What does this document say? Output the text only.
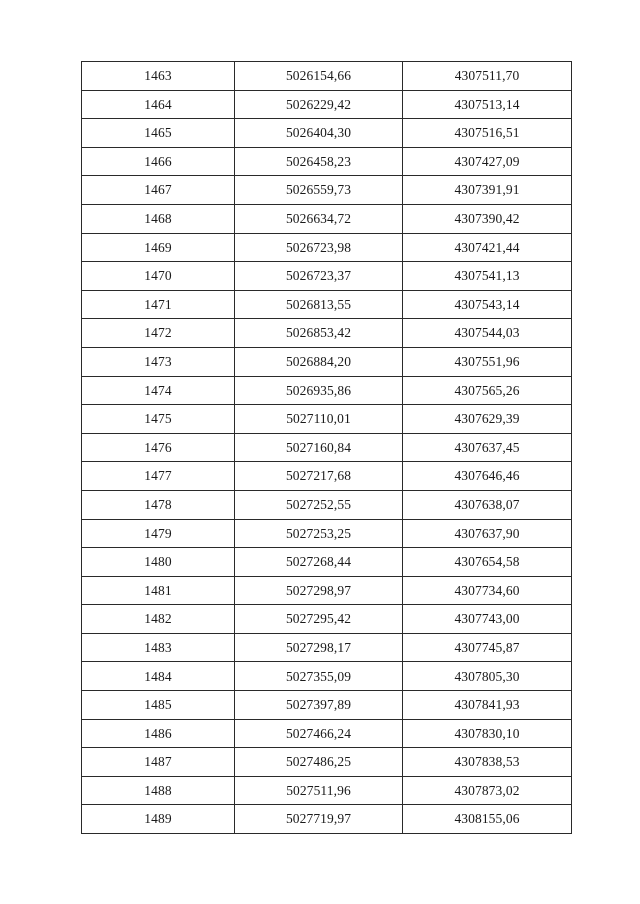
1463	5026154,66	4307511,70
1464	5026229,42	4307513,14
1465	5026404,30	4307516,51
1466	5026458,23	4307427,09
1467	5026559,73	4307391,91
1468	5026634,72	4307390,42
1469	5026723,98	4307421,44
1470	5026723,37	4307541,13
1471	5026813,55	4307543,14
1472	5026853,42	4307544,03
1473	5026884,20	4307551,96
1474	5026935,86	4307565,26
1475	5027110,01	4307629,39
1476	5027160,84	4307637,45
1477	5027217,68	4307646,46
1478	5027252,55	4307638,07
1479	5027253,25	4307637,90
1480	5027268,44	4307654,58
1481	5027298,97	4307734,60
1482	5027295,42	4307743,00
1483	5027298,17	4307745,87
1484	5027355,09	4307805,30
1485	5027397,89	4307841,93
1486	5027466,24	4307830,10
1487	5027486,25	4307838,53
1488	5027511,96	4307873,02
1489	5027719,97	4308155,06
